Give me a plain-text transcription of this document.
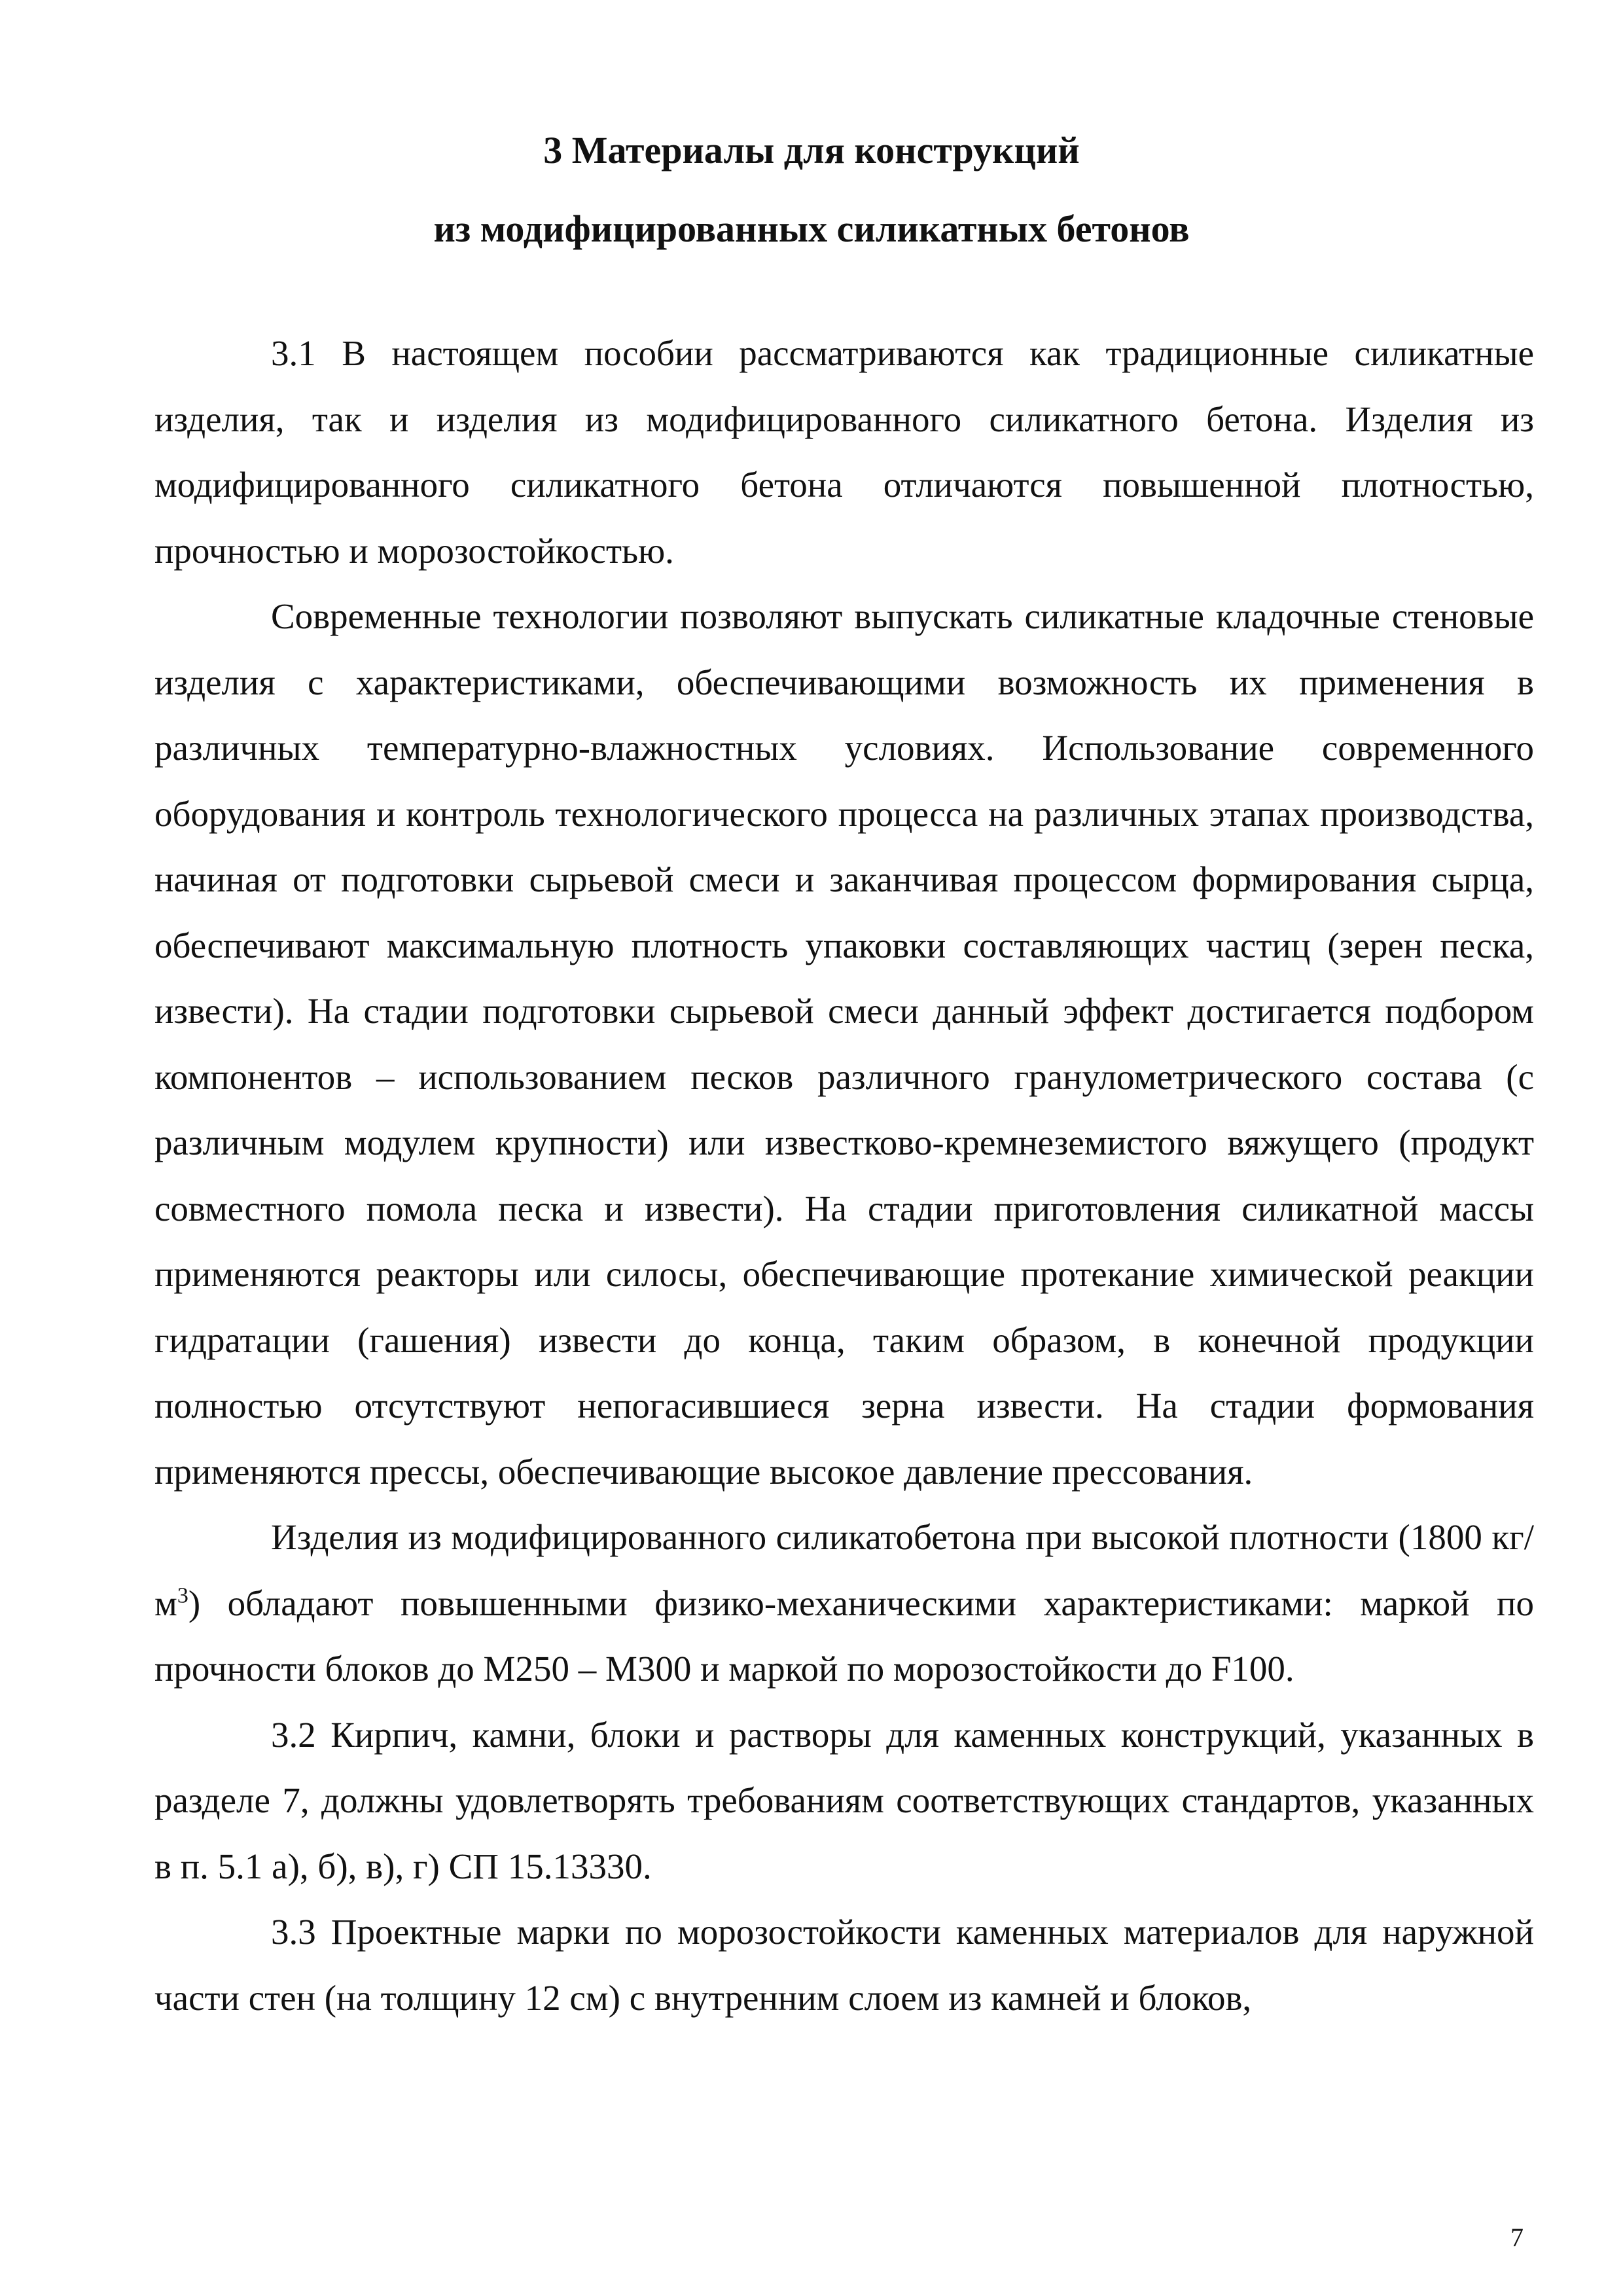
3 Материалы для конструкций
из модифицированных силикатных бетонов

3.1 В настоящем пособии рассматриваются как традиционные силикатные изделия, так и изделия из модифицированного силикатного бетона. Изделия из модифицированного силикатного бетона отличаются повышенной плотностью, прочностью и морозостойкостью.

Современные технологии позволяют выпускать силикатные кладочные стеновые изделия с характеристиками, обеспечивающими возможность их применения в различных температурно-влажностных условиях. Использование современного оборудования и контроль технологического процесса на различных этапах производства, начиная от подготовки сырьевой смеси и заканчивая процессом формирования сырца, обеспечивают максимальную плотность упаковки составляющих частиц (зерен песка, извести). На стадии подготовки сырьевой смеси данный эффект достигается подбором компонентов – использованием песков различного гранулометрического состава (с различным модулем крупности) или известково-кремнеземистого вяжущего (продукт совместного помола песка и извести). На стадии приготовления силикатной массы применяются реакторы или силосы, обеспечивающие протекание химической реакции гидратации (гашения) извести до конца, таким образом, в конечной продукции полностью отсутствуют непогасившиеся зерна извести. На стадии формования применяются прессы, обеспечивающие высокое давление прессования.

Изделия из модифицированного силикатобетона при высокой плотности (1800 $кг/м^3$) обладают повышенными физико-механическими характеристиками: маркой по прочности блоков до М250 – М300 и маркой по морозостойкости до F100.

3.2 Кирпич, камни, блоки и растворы для каменных конструкций, указанных в разделе 7, должны удовлетворять требованиям соответствующих стандартов, указанных в п. 5.1 а), б), в), г) СП 15.13330.

3.3 Проектные марки по морозостойкости каменных материалов для наружной части стен (на толщину 12 см) с внутренним слоем из камней и блоков,

7
